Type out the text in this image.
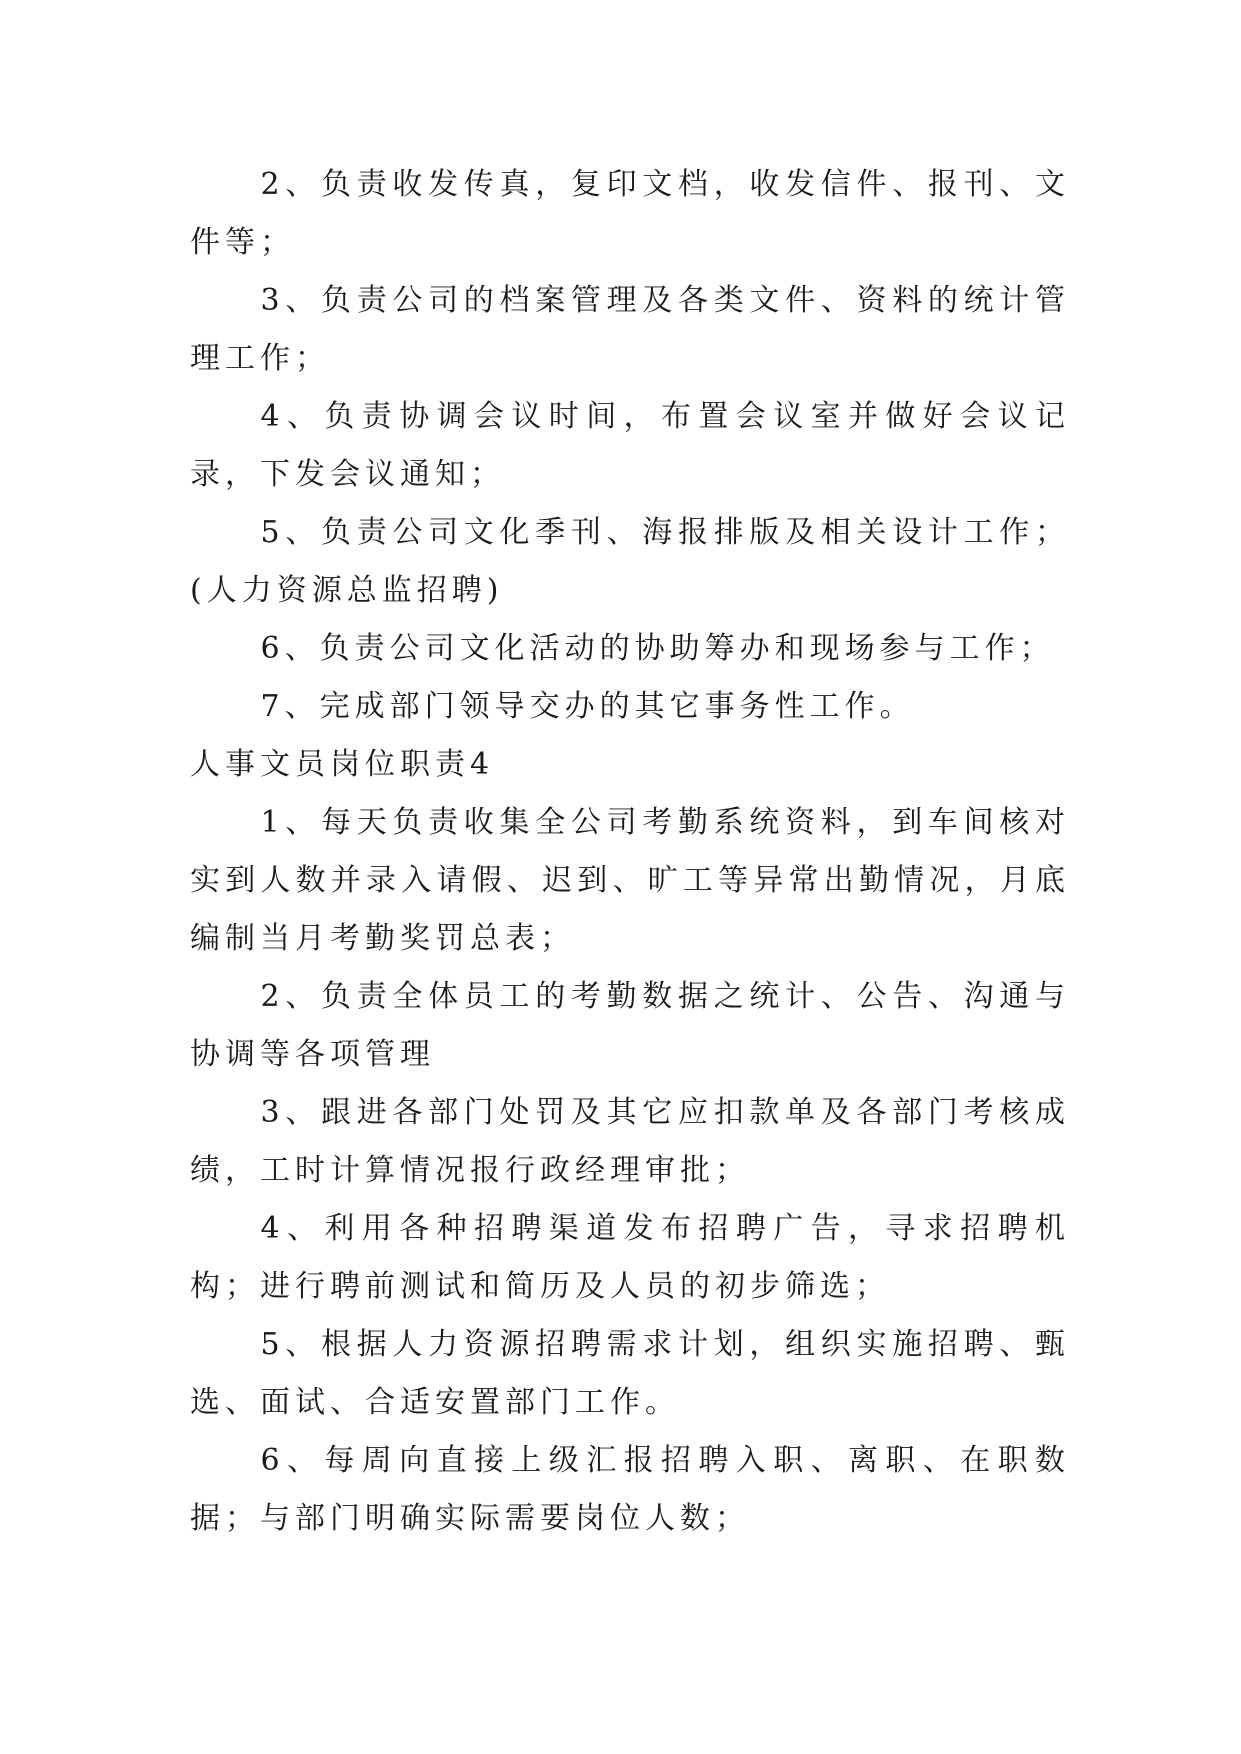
2、负责收发传真，复印文档，收发信件、报刊、文件等；

3、负责公司的档案管理及各类文件、资料的统计管理工作；

4、负责协调会议时间，布置会议室并做好会议记录，下发会议通知；

5、负责公司文化季刊、海报排版及相关设计工作；(人力资源总监招聘)

6、负责公司文化活动的协助筹办和现场参与工作；

7、完成部门领导交办的其它事务性工作。

人事文员岗位职责4

1、每天负责收集全公司考勤系统资料，到车间核对实到人数并录入请假、迟到、旷工等异常出勤情况，月底编制当月考勤奖罚总表；

2、负责全体员工的考勤数据之统计、公告、沟通与协调等各项管理

3、跟进各部门处罚及其它应扣款单及各部门考核成绩，工时计算情况报行政经理审批；

4、利用各种招聘渠道发布招聘广告，寻求招聘机构；进行聘前测试和简历及人员的初步筛选；

5、根据人力资源招聘需求计划，组织实施招聘、甄选、面试、合适安置部门工作。

6、每周向直接上级汇报招聘入职、离职、在职数据；与部门明确实际需要岗位人数；
